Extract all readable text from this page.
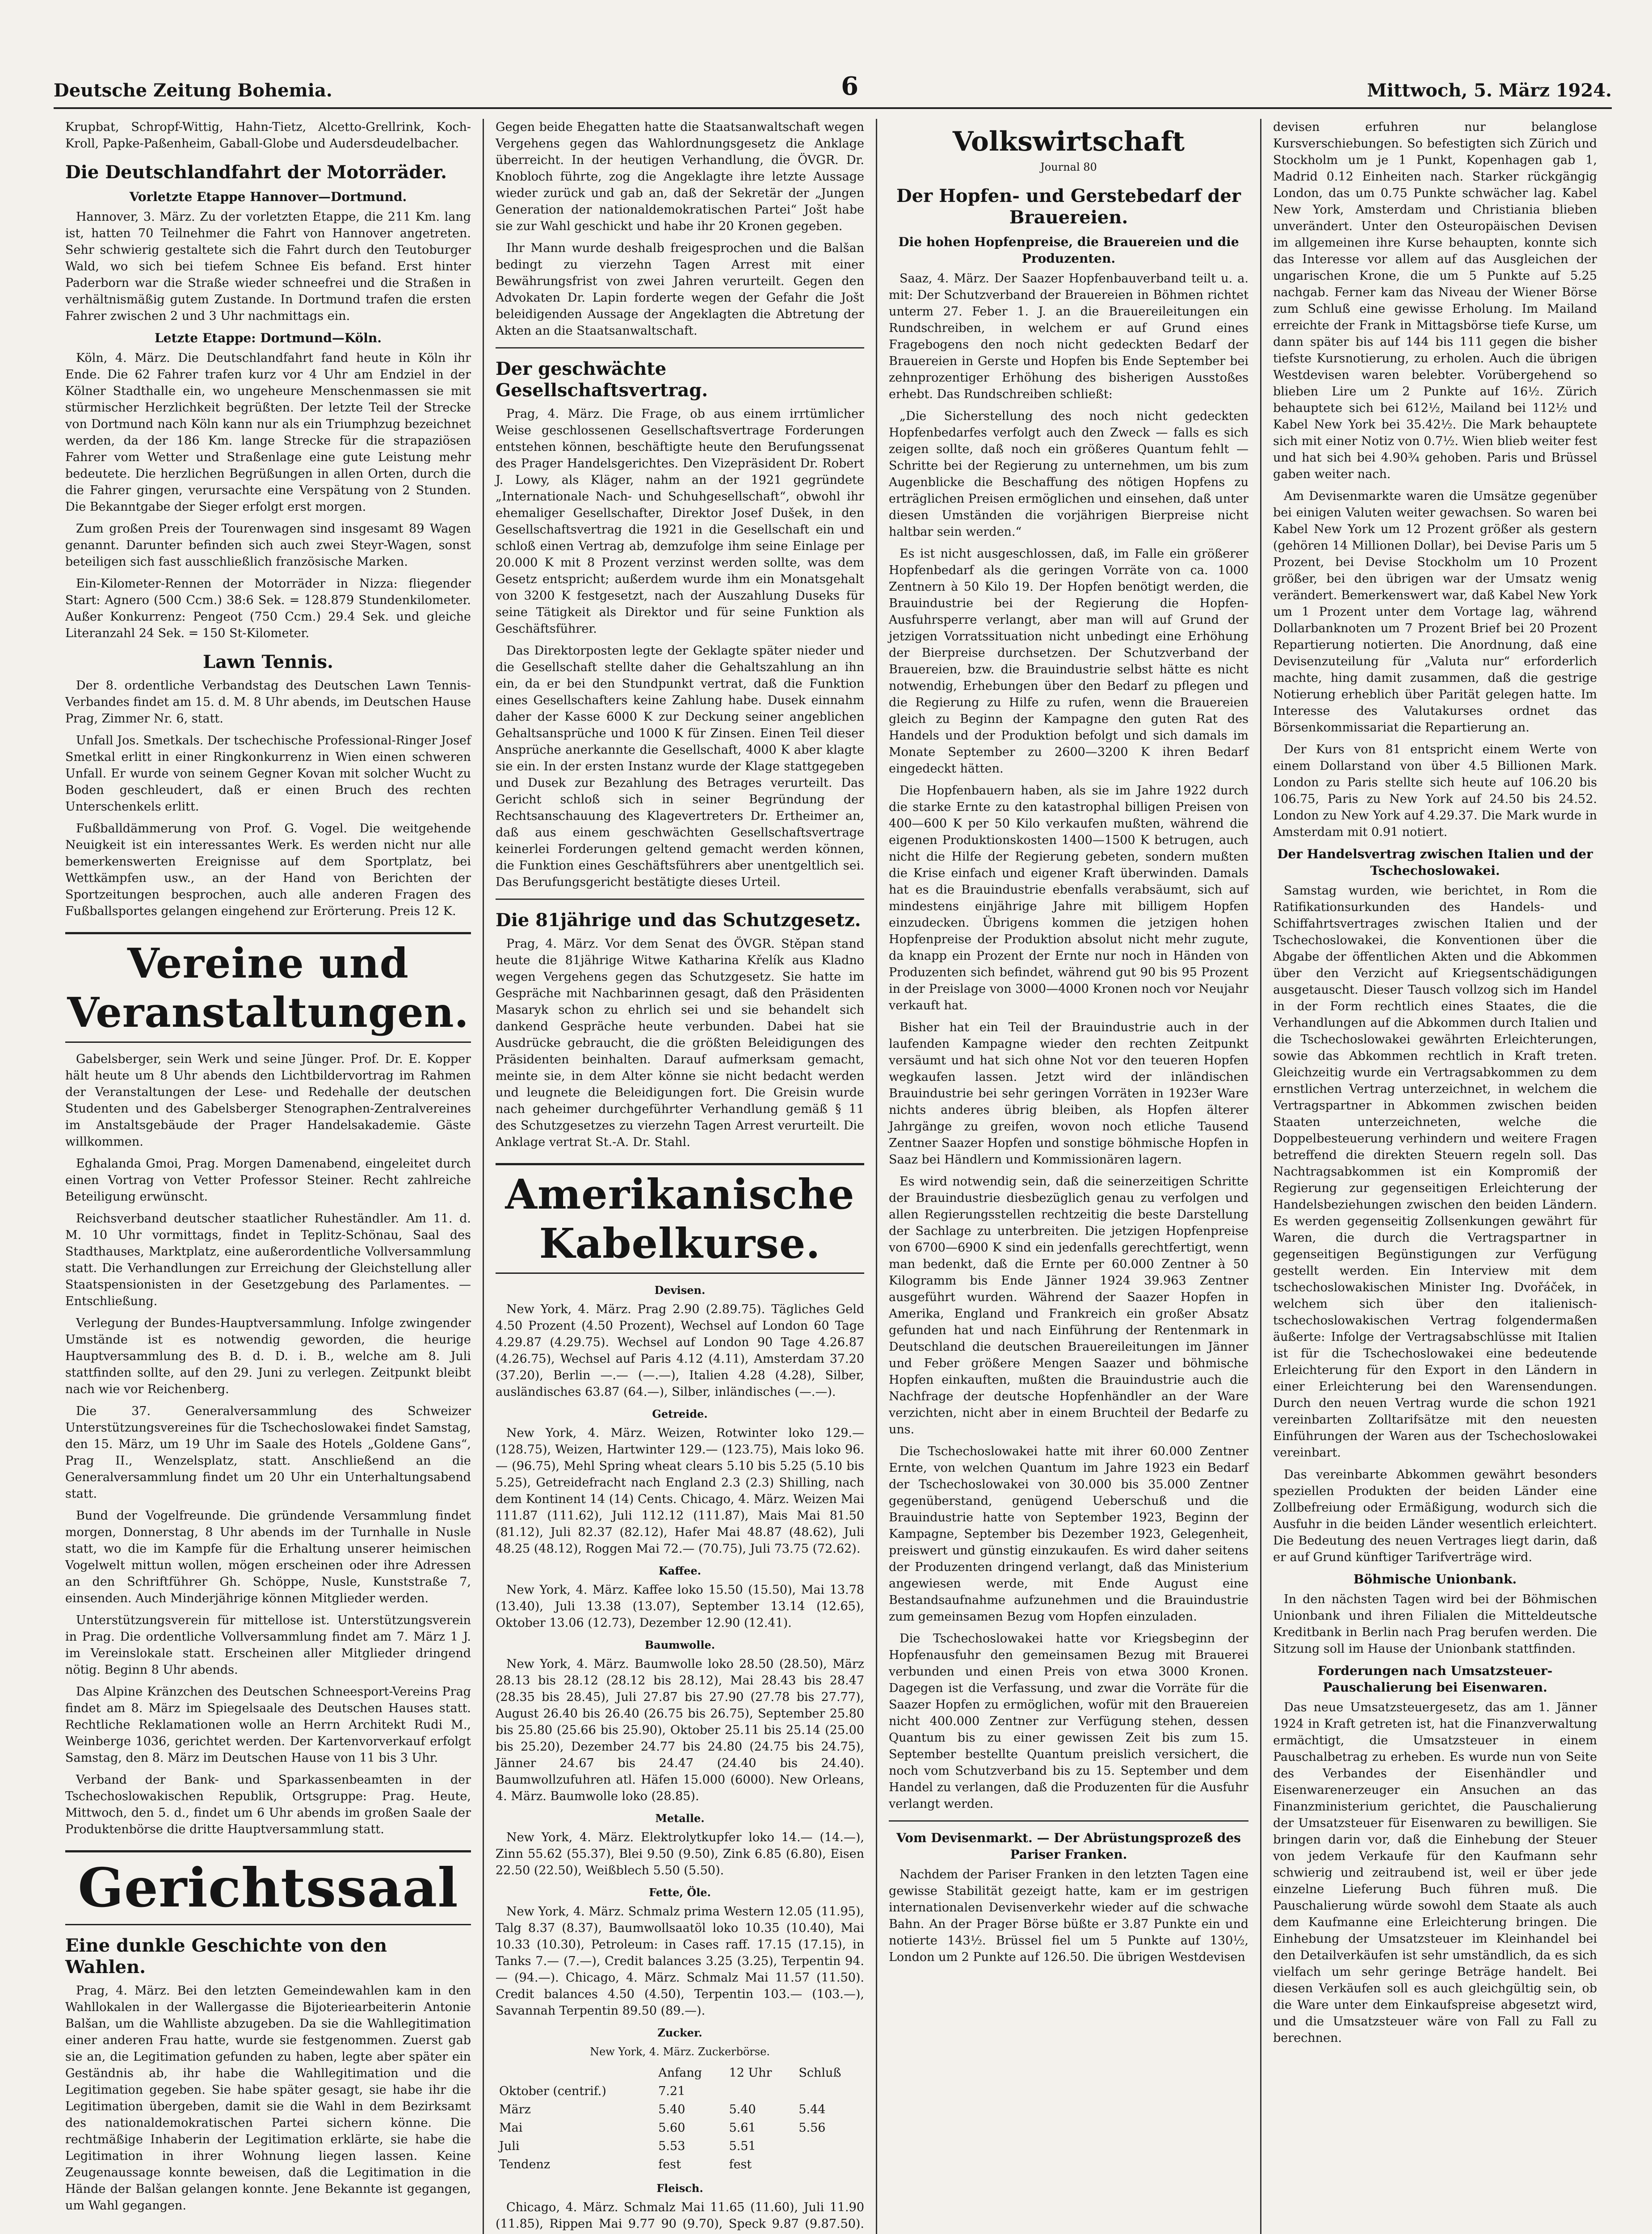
Deutsche Zeitung Bohemia.	6	Mittwoch, 5. März 1924.

Krupbat, Schropf-Wittig, Hahn-Tietz, Alcetto-Grellrink, Koch-Kroll, Papke-Paßenheim, Gaball-Globe und Audersdeudelbacher.

Die Deutschlandfahrt der Motorräder.
Vorletzte Etappe Hannover—Dortmund.

Hannover, 3. März. Zu der vorletzten Etappe, die 211 Km. lang ist, hatten 70 Teilnehmer die Fahrt von Hannover angetreten. Sehr schwierig gestaltete sich die Fahrt durch den Teutoburger Wald, wo sich bei tiefem Schnee Eis befand. Erst hinter Paderborn war die Straße wieder schneefrei und die Straßen in verhältnismäßig gutem Zustande. In Dortmund trafen die ersten Fahrer zwischen 2 und 3 Uhr nachmittags ein.

Letzte Etappe: Dortmund—Köln.

Köln, 4. März. Die Deutschlandfahrt fand heute in Köln ihr Ende. Die 62 Fahrer trafen kurz vor 4 Uhr am Endziel in der Kölner Stadthalle ein, wo ungeheure Menschenmassen sie mit stürmischer Herzlichkeit begrüßten. Der letzte Teil der Strecke von Dortmund nach Köln kann nur als ein Triumphzug bezeichnet werden, da der 186 Km. lange Strecke für die strapaziösen Fahrer vom Wetter und Straßenlage eine gute Leistung mehr bedeutete. Die herzlichen Begrüßungen in allen Orten, durch die die Fahrer gingen, verursachte eine Verspätung von 2 Stunden. Die Bekanntgabe der Sieger erfolgt erst morgen.

Zum großen Preis der Tourenwagen sind insgesamt 89 Wagen genannt. Darunter befinden sich auch zwei Steyr-Wagen, sonst beteiligen sich fast ausschließlich französische Marken.

Ein-Kilometer-Rennen der Motorräder in Nizza: fliegender Start: Agnero (500 Ccm.) 38:6 Sek. = 128.879 Stundenkilometer. Außer Konkurrenz: Pengeot (750 Ccm.) 29.4 Sek. und gleiche Literanzahl 24 Sek. = 150 St-Kilometer.

Lawn Tennis.

Der 8. ordentliche Verbandstag des Deutschen Lawn Tennis-Verbandes findet am 15. d. M. 8 Uhr abends, im Deutschen Hause Prag, Zimmer Nr. 6, statt.

Unfall Jos. Smetkals. Der tschechische Professional-Ringer Josef Smetkal erlitt in einer Ringkonkurrenz in Wien einen schweren Unfall. Er wurde von seinem Gegner Kovan mit solcher Wucht zu Boden geschleudert, daß er einen Bruch des rechten Unterschenkels erlitt.

Fußballdämmerung von Prof. G. Vogel. Die weitgehende Neuigkeit ist ein interessantes Werk. Es werden nicht nur alle bemerkenswerten Ereignisse auf dem Sportplatz, bei Wettkämpfen usw., an der Hand von Berichten der Sportzeitungen besprochen, auch alle anderen Fragen des Fußballsportes gelangen eingehend zur Erörterung. Preis 12 K.

Vereine und Veranstaltungen.

Gabelsberger, sein Werk und seine Jünger. Prof. Dr. E. Kopper hält heute um 8 Uhr abends den Lichtbildervortrag im Rahmen der Veranstaltungen der Lese- und Redehalle der deutschen Studenten und des Gabelsberger Stenographen-Zentralvereines im Anstaltsgebäude der Prager Handelsakademie. Gäste willkommen.

Eghalanda Gmoi, Prag. Morgen Damenabend, eingeleitet durch einen Vortrag von Vetter Professor Steiner. Recht zahlreiche Beteiligung erwünscht.

Reichsverband deutscher staatlicher Ruheständler. Am 11. d. M. 10 Uhr vormittags, findet in Teplitz-Schönau, Saal des Stadthauses, Marktplatz, eine außerordentliche Vollversammlung statt. Die Verhandlungen zur Erreichung der Gleichstellung aller Staatspensionisten in der Gesetzgebung des Parlamentes. — Entschließung.

Verlegung der Bundes-Hauptversammlung. Infolge zwingender Umstände ist es notwendig geworden, die heurige Hauptversammlung des B. d. D. i. B., welche am 8. Juli stattfinden sollte, auf den 29. Juni zu verlegen. Zeitpunkt bleibt nach wie vor Reichenberg.

Die 37. Generalversammlung des Schweizer Unterstützungsvereines für die Tschechoslowakei findet Samstag, den 15. März, um 19 Uhr im Saale des Hotels „Goldene Gans“, Prag II., Wenzelsplatz, statt. Anschließend an die Generalversammlung findet um 20 Uhr ein Unterhaltungsabend statt.

Bund der Vogelfreunde. Die gründende Versammlung findet morgen, Donnerstag, 8 Uhr abends im der Turnhalle in Nusle statt, wo die im Kampfe für die Erhaltung unserer heimischen Vogelwelt mittun wollen, mögen erscheinen oder ihre Adressen an den Schriftführer Gh. Schöppe, Nusle, Kunststraße 7, einsenden. Auch Minderjährige können Mitglieder werden.

Unterstützungsverein für mittellose ist. Unterstützungsverein in Prag. Die ordentliche Vollversammlung findet am 7. März 1 J. im Vereinslokale statt. Erscheinen aller Mitglieder dringend nötig. Beginn 8 Uhr abends.

Das Alpine Kränzchen des Deutschen Schneesport-Vereins Prag findet am 8. März im Spiegelsaale des Deutschen Hauses statt. Rechtliche Reklamationen wolle an Herrn Architekt Rudi M., Weinberge 1036, gerichtet werden. Der Kartenvorverkauf erfolgt Samstag, den 8. März im Deutschen Hause von 11 bis 3 Uhr.

Verband der Bank- und Sparkassenbeamten in der Tschechoslowakischen Republik, Ortsgruppe: Prag. Heute, Mittwoch, den 5. d., findet um 6 Uhr abends im großen Saale der Produktenbörse die dritte Hauptversammlung statt.

Gerichtssaal
Eine dunkle Geschichte von den Wahlen.

Prag, 4. März. Bei den letzten Gemeindewahlen kam in den Wahllokalen in der Wallergasse die Bijoteriearbeiterin Antonie Balšan, um die Wahlliste abzugeben. Da sie die Wahllegitimation einer anderen Frau hatte, wurde sie festgenommen. Zuerst gab sie an, die Legitimation gefunden zu haben, legte aber später ein Geständnis ab, ihr habe die Wahllegitimation und die Legitimation gegeben. Sie habe später gesagt, sie habe ihr die Legitimation übergeben, damit sie die Wahl in dem Bezirksamt des nationaldemokratischen Partei sichern könne. Die rechtmäßige Inhaberin der Legitimation erklärte, sie habe die Legitimation in ihrer Wohnung liegen lassen. Keine Zeugenaussage konnte beweisen, daß die Legitimation in die Hände der Balšan gelangen konnte. Jene Bekannte ist gegangen, um Wahl gegangen.

Gegen beide Ehegatten hatte die Staatsanwaltschaft wegen Vergehens gegen das Wahlordnungsgesetz die Anklage überreicht. In der heutigen Verhandlung, die ÖVGR. Dr. Knobloch führte, zog die Angeklagte ihre letzte Aussage wieder zurück und gab an, daß der Sekretär der „Jungen Generation der nationaldemokratischen Partei“ Jošt habe sie zur Wahl geschickt und habe ihr 20 Kronen gegeben.

Ihr Mann wurde deshalb freigesprochen und die Balšan bedingt zu vierzehn Tagen Arrest mit einer Bewährungsfrist von zwei Jahren verurteilt. Gegen den Advokaten Dr. Lapin forderte wegen der Gefahr die Jošt beleidigenden Aussage der Angeklagten die Abtretung der Akten an die Staatsanwaltschaft.

Der geschwächte Gesellschaftsvertrag.

Prag, 4. März. Die Frage, ob aus einem irrtümlicher Weise geschlossenen Gesellschaftsvertrage Forderungen entstehen können, beschäftigte heute den Berufungssenat des Prager Handelsgerichtes. Den Vizepräsident Dr. Robert J. Lowy, als Kläger, nahm an der 1921 gegründete „Internationale Nach- und Schuhgesellschaft“, obwohl ihr ehemaliger Gesellschafter, Direktor Josef Dušek, in den Gesellschaftsvertrag die 1921 in die Gesellschaft ein und schloß einen Vertrag ab, demzufolge ihm seine Einlage per 20.000 K mit 8 Prozent verzinst werden sollte, was dem Gesetz entspricht; außerdem wurde ihm ein Monatsgehalt von 3200 K festgesetzt, nach der Auszahlung Duseks für seine Tätigkeit als Direktor und für seine Funktion als Geschäftsführer.

Das Direktorposten legte der Geklagte später nieder und die Gesellschaft stellte daher die Gehaltszahlung an ihn ein, da er bei den Stundpunkt vertrat, daß die Funktion eines Gesellschafters keine Zahlung habe. Dusek einnahm daher der Kasse 6000 K zur Deckung seiner angeblichen Gehaltsansprüche und 1000 K für Zinsen. Einen Teil dieser Ansprüche anerkannte die Gesellschaft, 4000 K aber klagte sie ein. In der ersten Instanz wurde der Klage stattgegeben und Dusek zur Bezahlung des Betrages verurteilt. Das Gericht schloß sich in seiner Begründung der Rechtsanschauung des Klagevertreters Dr. Ertheimer an, daß aus einem geschwächten Gesellschaftsvertrage keinerlei Forderungen geltend gemacht werden können, die Funktion eines Geschäftsführers aber unentgeltlich sei. Das Berufungsgericht bestätigte dieses Urteil.

Die 81jährige und das Schutzgesetz.

Prag, 4. März. Vor dem Senat des ÖVGR. Stěpan stand heute die 81jährige Witwe Katharina Křelík aus Kladno wegen Vergehens gegen das Schutzgesetz. Sie hatte im Gespräche mit Nachbarinnen gesagt, daß den Präsidenten Masaryk schon zu ehrlich sei und sie behandelt sich dankend Gespräche heute verbunden. Dabei hat sie Ausdrücke gebraucht, die die größten Beleidigungen des Präsidenten beinhalten. Darauf aufmerksam gemacht, meinte sie, in dem Alter könne sie nicht bedacht werden und leugnete die Beleidigungen fort. Die Greisin wurde nach geheimer durchgeführter Verhandlung gemäß § 11 des Schutzgesetzes zu vierzehn Tagen Arrest verurteilt. Die Anklage vertrat St.-A. Dr. Stahl.

Amerikanische Kabelkurse.
Devisen.

New York, 4. März. Prag 2.90 (2.89.75). Tägliches Geld 4.50 Prozent (4.50 Prozent), Wechsel auf London 60 Tage 4.29.87 (4.29.75). Wechsel auf London 90 Tage 4.26.87 (4.26.75), Wechsel auf Paris 4.12 (4.11), Amsterdam 37.20 (37.20), Berlin —.— (—.—), Italien 4.28 (4.28), Silber, ausländisches 63.87 (64.—), Silber, inländisches (—.—).

Getreide.

New York, 4. März. Weizen, Rotwinter loko 129.— (128.75), Weizen, Hartwinter 129.— (123.75), Mais loko 96.— (96.75), Mehl Spring wheat clears 5.10 bis 5.25 (5.10 bis 5.25), Getreidefracht nach England 2.3 (2.3) Shilling, nach dem Kontinent 14 (14) Cents. Chicago, 4. März. Weizen Mai 111.87 (111.62), Juli 112.12 (111.87), Mais Mai 81.50 (81.12), Juli 82.37 (82.12), Hafer Mai 48.87 (48.62), Juli 48.25 (48.12), Roggen Mai 72.— (70.75), Juli 73.75 (72.62).

Kaffee.

New York, 4. März. Kaffee loko 15.50 (15.50), Mai 13.78 (13.40), Juli 13.38 (13.07), September 13.14 (12.65), Oktober 13.06 (12.73), Dezember 12.90 (12.41).

Baumwolle.

New York, 4. März. Baumwolle loko 28.50 (28.50), März 28.13 bis 28.12 (28.12 bis 28.12), Mai 28.43 bis 28.47 (28.35 bis 28.45), Juli 27.87 bis 27.90 (27.78 bis 27.77), August 26.40 bis 26.40 (26.75 bis 26.75), September 25.80 bis 25.80 (25.66 bis 25.90), Oktober 25.11 bis 25.14 (25.00 bis 25.20), Dezember 24.77 bis 24.80 (24.75 bis 24.75), Jänner 24.67 bis 24.47 (24.40 bis 24.40). Baumwollzufuhren atl. Häfen 15.000 (6000). New Orleans, 4. März. Baumwolle loko (28.85).

Metalle.

New York, 4. März. Elektrolytkupfer loko 14.— (14.—), Zinn 55.62 (55.37), Blei 9.50 (9.50), Zink 6.85 (6.80), Eisen 22.50 (22.50), Weißblech 5.50 (5.50).

Fette, Öle.

New York, 4. März. Schmalz prima Western 12.05 (11.95), Talg 8.37 (8.37), Baumwollsaatöl loko 10.35 (10.40), Mai 10.33 (10.30), Petroleum: in Cases raff. 17.15 (17.15), in Tanks 7.— (7.—), Credit balances 3.25 (3.25), Terpentin 94.— (94.—). Chicago, 4. März. Schmalz Mai 11.57 (11.50). Credit balances 4.50 (4.50), Terpentin 103.— (103.—), Savannah Terpentin 89.50 (89.—).

Zucker.
New York, 4. März. Zuckerbörse.
	Anfang	12 Uhr	Schluß
Oktober (centrif.)	7.21		
März	5.40	5.40	5.44
Mai	5.60	5.61	5.56
Juli	5.53	5.51	
Tendenz	fest	fest	
Fleisch.

Chicago, 4. März. Schmalz Mai 11.65 (11.60), Juli 11.90 (11.85), Rippen Mai 9.77 90 (9.70), Speck 9.87 (9.87.50).

Volkswirtschaft
Journal 80
Der Hopfen- und Gerstebedarf der Brauereien.
Die hohen Hopfenpreise, die Brauereien und die Produzenten.

Saaz, 4. März. Der Saazer Hopfenbauverband teilt u. a. mit: Der Schutzverband der Brauereien in Böhmen richtet unterm 27. Feber 1. J. an die Brauereileitungen ein Rundschreiben, in welchem er auf Grund eines Fragebogens den noch nicht gedeckten Bedarf der Brauereien in Gerste und Hopfen bis Ende September bei zehnprozentiger Erhöhung des bisherigen Ausstoßes erhebt. Das Rundschreiben schließt:

„Die Sicherstellung des noch nicht gedeckten Hopfenbedarfes verfolgt auch den Zweck — falls es sich zeigen sollte, daß noch ein größeres Quantum fehlt — Schritte bei der Regierung zu unternehmen, um bis zum Augenblicke die Beschaffung des nötigen Hopfens zu erträglichen Preisen ermöglichen und einsehen, daß unter diesen Umständen die vorjährigen Bierpreise nicht haltbar sein werden.“

Es ist nicht ausgeschlossen, daß, im Falle ein größerer Hopfenbedarf als die geringen Vorräte von ca. 1000 Zentnern à 50 Kilo 19. Der Hopfen benötigt werden, die Brauindustrie bei der Regierung die Hopfen-Ausfuhrsperre verlangt, aber man will auf Grund der jetzigen Vorratssituation nicht unbedingt eine Erhöhung der Bierpreise durchsetzen. Der Schutzverband der Brauereien, bzw. die Brauindustrie selbst hätte es nicht notwendig, Erhebungen über den Bedarf zu pflegen und die Regierung zu Hilfe zu rufen, wenn die Brauereien gleich zu Beginn der Kampagne den guten Rat des Handels und der Produktion befolgt und sich damals im Monate September zu 2600—3200 K ihren Bedarf eingedeckt hätten.

Die Hopfenbauern haben, als sie im Jahre 1922 durch die starke Ernte zu den katastrophal billigen Preisen von 400—600 K per 50 Kilo verkaufen mußten, während die eigenen Produktionskosten 1400—1500 K betrugen, auch nicht die Hilfe der Regierung gebeten, sondern mußten die Krise einfach und eigener Kraft überwinden. Damals hat es die Brauindustrie ebenfalls verabsäumt, sich auf mindestens einjährige Jahre mit billigem Hopfen einzudecken. Übrigens kommen die jetzigen hohen Hopfenpreise der Produktion absolut nicht mehr zugute, da knapp ein Prozent der Ernte nur noch in Händen von Produzenten sich befindet, während gut 90 bis 95 Prozent in der Preislage von 3000—4000 Kronen noch vor Neujahr verkauft hat.

Bisher hat ein Teil der Brauindustrie auch in der laufenden Kampagne wieder den rechten Zeitpunkt versäumt und hat sich ohne Not vor den teueren Hopfen wegkaufen lassen. Jetzt wird der inländischen Brauindustrie bei sehr geringen Vorräten in 1923er Ware nichts anderes übrig bleiben, als Hopfen älterer Jahrgänge zu greifen, wovon noch etliche Tausend Zentner Saazer Hopfen und sonstige böhmische Hopfen in Saaz bei Händlern und Kommissionären lagern.

Es wird notwendig sein, daß die seinerzeitigen Schritte der Brauindustrie diesbezüglich genau zu verfolgen und allen Regierungsstellen rechtzeitig die beste Darstellung der Sachlage zu unterbreiten. Die jetzigen Hopfenpreise von 6700—6900 K sind ein jedenfalls gerechtfertigt, wenn man bedenkt, daß die Ernte per 60.000 Zentner à 50 Kilogramm bis Ende Jänner 1924 39.963 Zentner ausgeführt wurden. Während der Saazer Hopfen in Amerika, England und Frankreich ein großer Absatz gefunden hat und nach Einführung der Rentenmark in Deutschland die deutschen Brauereileitungen im Jänner und Feber größere Mengen Saazer und böhmische Hopfen einkauften, mußten die Brauindustrie auch die Nachfrage der deutsche Hopfenhändler an der Ware verzichten, nicht aber in einem Bruchteil der Bedarfe zu uns.

Die Tschechoslowakei hatte mit ihrer 60.000 Zentner Ernte, von welchen Quantum im Jahre 1923 ein Bedarf der Tschechoslowakei von 30.000 bis 35.000 Zentner gegenüberstand, genügend Ueberschuß und die Brauindustrie hatte von September 1923, Beginn der Kampagne, September bis Dezember 1923, Gelegenheit, preiswert und günstig einzukaufen. Es wird daher seitens der Produzenten dringend verlangt, daß das Ministerium angewiesen werde, mit Ende August eine Bestandsaufnahme aufzunehmen und die Brauindustrie zum gemeinsamen Bezug vom Hopfen einzuladen.

Die Tschechoslowakei hatte vor Kriegsbeginn der Hopfenausfuhr den gemeinsamen Bezug mit Brauerei verbunden und einen Preis von etwa 3000 Kronen. Dagegen ist die Verfassung, und zwar die Vorräte für die Saazer Hopfen zu ermöglichen, wofür mit den Brauereien nicht 400.000 Zentner zur Verfügung stehen, dessen Quantum bis zu einer gewissen Zeit bis zum 15. September bestellte Quantum preislich versichert, die noch vom Schutzverband bis zu 15. September und dem Handel zu verlangen, daß die Produzenten für die Ausfuhr verlangt werden.

Vom Devisenmarkt. — Der Abrüstungsprozeß des Pariser Franken.

Nachdem der Pariser Franken in den letzten Tagen eine gewisse Stabilität gezeigt hatte, kam er im gestrigen internationalen Devisenverkehr wieder auf die schwache Bahn. An der Prager Börse büßte er 3.87 Punkte ein und notierte 143½. Brüssel fiel um 5 Punkte auf 130½, London um 2 Punkte auf 126.50. Die übrigen Westdevisen

devisen erfuhren nur belanglose Kursverschiebungen. So befestigten sich Zürich und Stockholm um je 1 Punkt, Kopenhagen gab 1, Madrid 0.12 Einheiten nach. Starker rückgängig London, das um 0.75 Punkte schwächer lag. Kabel New York, Amsterdam und Christiania blieben unverändert. Unter den Osteuropäischen Devisen im allgemeinen ihre Kurse behaupten, konnte sich das Interesse vor allem auf das Ausgleichen der ungarischen Krone, die um 5 Punkte auf 5.25 nachgab. Ferner kam das Niveau der Wiener Börse zum Schluß eine gewisse Erholung. Im Mailand erreichte der Frank in Mittagsbörse tiefe Kurse, um dann später bis auf 144 bis 111 gegen die bisher tiefste Kursnotierung, zu erholen. Auch die übrigen Westdevisen waren belebter. Vorübergehend so blieben Lire um 2 Punkte auf 16½. Zürich behauptete sich bei 612½, Mailand bei 112½ und Kabel New York bei 35.42½. Die Mark behauptete sich mit einer Notiz von 0.7½. Wien blieb weiter fest und hat sich bei 4.90¾ gehoben. Paris und Brüssel gaben weiter nach.

Am Devisenmarkte waren die Umsätze gegenüber bei einigen Valuten weiter gewachsen. So waren bei Kabel New York um 12 Prozent größer als gestern (gehören 14 Millionen Dollar), bei Devise Paris um 5 Prozent, bei Devise Stockholm um 10 Prozent größer, bei den übrigen war der Umsatz wenig verändert. Bemerkenswert war, daß Kabel New York um 1 Prozent unter dem Vortage lag, während Dollarbanknoten um 7 Prozent Brief bei 20 Prozent Repartierung notierten. Die Anordnung, daß eine Devisenzuteilung für „Valuta nur“ erforderlich machte, hing damit zusammen, daß die gestrige Notierung erheblich über Parität gelegen hatte. Im Interesse des Valutakurses ordnet das Börsenkommissariat die Repartierung an.

Der Kurs von 81 entspricht einem Werte von einem Dollarstand von über 4.5 Billionen Mark. London zu Paris stellte sich heute auf 106.20 bis 106.75, Paris zu New York auf 24.50 bis 24.52. London zu New York auf 4.29.37. Die Mark wurde in Amsterdam mit 0.91 notiert.

Der Handelsvertrag zwischen Italien und der Tschechoslowakei.

Samstag wurden, wie berichtet, in Rom die Ratifikationsurkunden des Handels- und Schiffahrtsvertrages zwischen Italien und der Tschechoslowakei, die Konventionen über die Abgabe der öffentlichen Akten und die Abkommen über den Verzicht auf Kriegsentschädigungen ausgetauscht. Dieser Tausch vollzog sich im Handel in der Form rechtlich eines Staates, die die Verhandlungen auf die Abkommen durch Italien und die Tschechoslowakei gewährten Erleichterungen, sowie das Abkommen rechtlich in Kraft treten. Gleichzeitig wurde ein Vertragsabkommen zu dem ernstlichen Vertrag unterzeichnet, in welchem die Vertragspartner in Abkommen zwischen beiden Staaten unterzeichneten, welche die Doppelbesteuerung verhindern und weitere Fragen betreffend die direkten Steuern regeln soll. Das Nachtragsabkommen ist ein Kompromiß der Regierung zur gegenseitigen Erleichterung der Handelsbeziehungen zwischen den beiden Ländern. Es werden gegenseitig Zollsenkungen gewährt für Waren, die durch die Vertragspartner in gegenseitigen Begünstigungen zur Verfügung gestellt werden. Ein Interview mit dem tschechoslowakischen Minister Ing. Dvořáček, in welchem sich über den italienisch-tschechoslowakischen Vertrag folgendermaßen äußerte: Infolge der Vertragsabschlüsse mit Italien ist für die Tschechoslowakei eine bedeutende Erleichterung für den Export in den Ländern in einer Erleichterung bei den Warensendungen. Durch den neuen Vertrag wurde die schon 1921 vereinbarten Zolltarifsätze mit den neuesten Einführungen der Waren aus der Tschechoslowakei vereinbart.

Das vereinbarte Abkommen gewährt besonders speziellen Produkten der beiden Länder eine Zollbefreiung oder Ermäßigung, wodurch sich die Ausfuhr in die beiden Länder wesentlich erleichtert. Die Bedeutung des neuen Vertrages liegt darin, daß er auf Grund künftiger Tarifverträge wird.

Böhmische Unionbank.

In den nächsten Tagen wird bei der Böhmischen Unionbank und ihren Filialen die Mitteldeutsche Kreditbank in Berlin nach Prag berufen werden. Die Sitzung soll im Hause der Unionbank stattfinden.

Forderungen nach Umsatzsteuer-Pauschalierung bei Eisenwaren.

Das neue Umsatzsteuergesetz, das am 1. Jänner 1924 in Kraft getreten ist, hat die Finanzverwaltung ermächtigt, die Umsatzsteuer in einem Pauschalbetrag zu erheben. Es wurde nun von Seite des Verbandes der Eisenhändler und Eisenwarenerzeuger ein Ansuchen an das Finanzministerium gerichtet, die Pauschalierung der Umsatzsteuer für Eisenwaren zu bewilligen. Sie bringen darin vor, daß die Einhebung der Steuer von jedem Verkaufe für den Kaufmann sehr schwierig und zeitraubend ist, weil er über jede einzelne Lieferung Buch führen muß. Die Pauschalierung würde sowohl dem Staate als auch dem Kaufmanne eine Erleichterung bringen. Die Einhebung der Umsatzsteuer im Kleinhandel bei den Detailverkäufen ist sehr umständlich, da es sich vielfach um sehr geringe Beträge handelt. Bei diesen Verkäufen soll es auch gleichgültig sein, ob die Ware unter dem Einkaufspreise abgesetzt wird, und die Umsatzsteuer wäre von Fall zu Fall zu berechnen.
